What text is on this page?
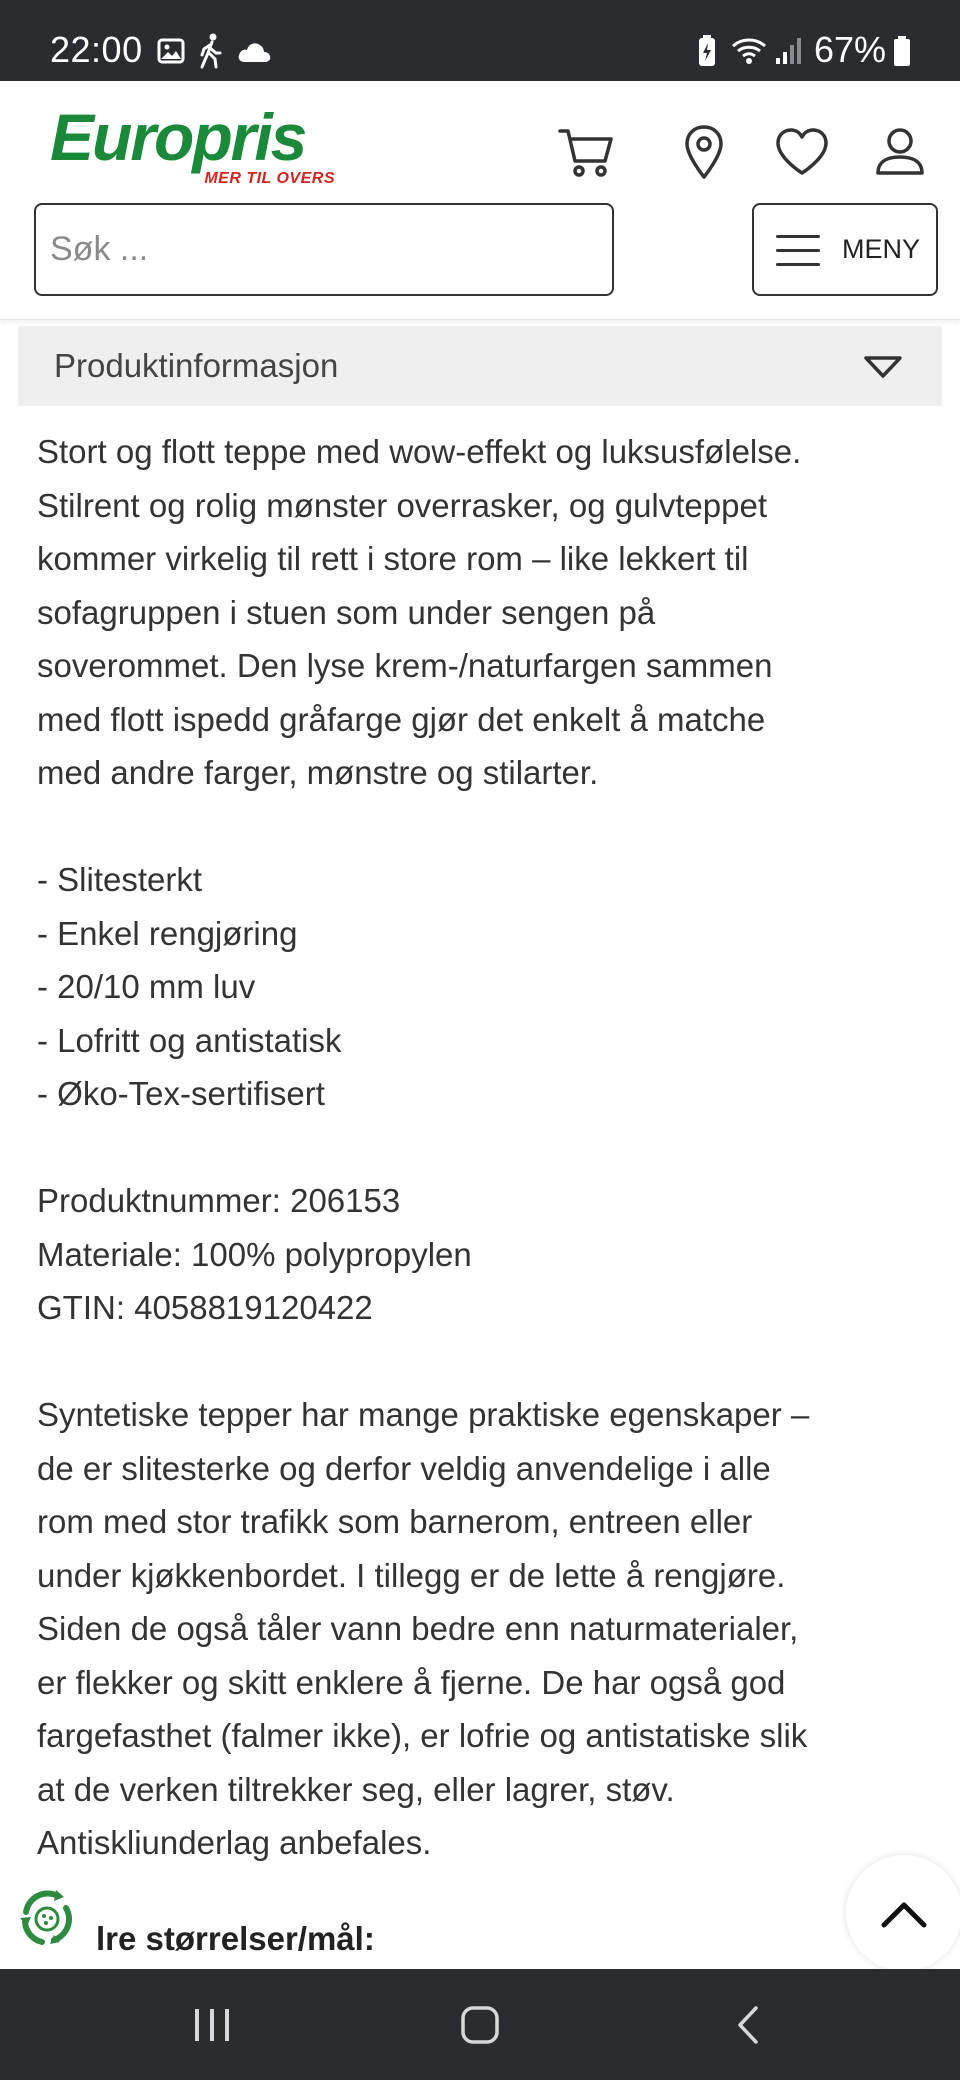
22:00	67%
Europris
MER TIL OVERS
Søk ...
MENY
Produktinformasjon
Stort og flott teppe med wow-effekt og luksusfølelse.
Stilrent og rolig mønster overrasker, og gulvteppet
kommer virkelig til rett i store rom – like lekkert til
sofagruppen i stuen som under sengen på
soverommet. Den lyse krem-/naturfargen sammen
med flott ispedd gråfarge gjør det enkelt å matche
med andre farger, mønstre og stilarter.
- Slitesterkt
- Enkel rengjøring
- 20/10 mm luv
- Lofritt og antistatisk
- Øko-Tex-sertifisert
Produktnummer: 206153
Materiale: 100% polypropylen
GTIN: 4058819120422
Syntetiske tepper har mange praktiske egenskaper –
de er slitesterke og derfor veldig anvendelige i alle
rom med stor trafikk som barnerom, entreen eller
under kjøkkenbordet. I tillegg er de lette å rengjøre.
Siden de også tåler vann bedre enn naturmaterialer,
er flekker og skitt enklere å fjerne. De har også god
fargefasthet (falmer ikke), er lofrie og antistatiske slik
at de verken tiltrekker seg, eller lagrer, støv.
Antiskliunderlag anbefales.
lre størrelser/mål:
